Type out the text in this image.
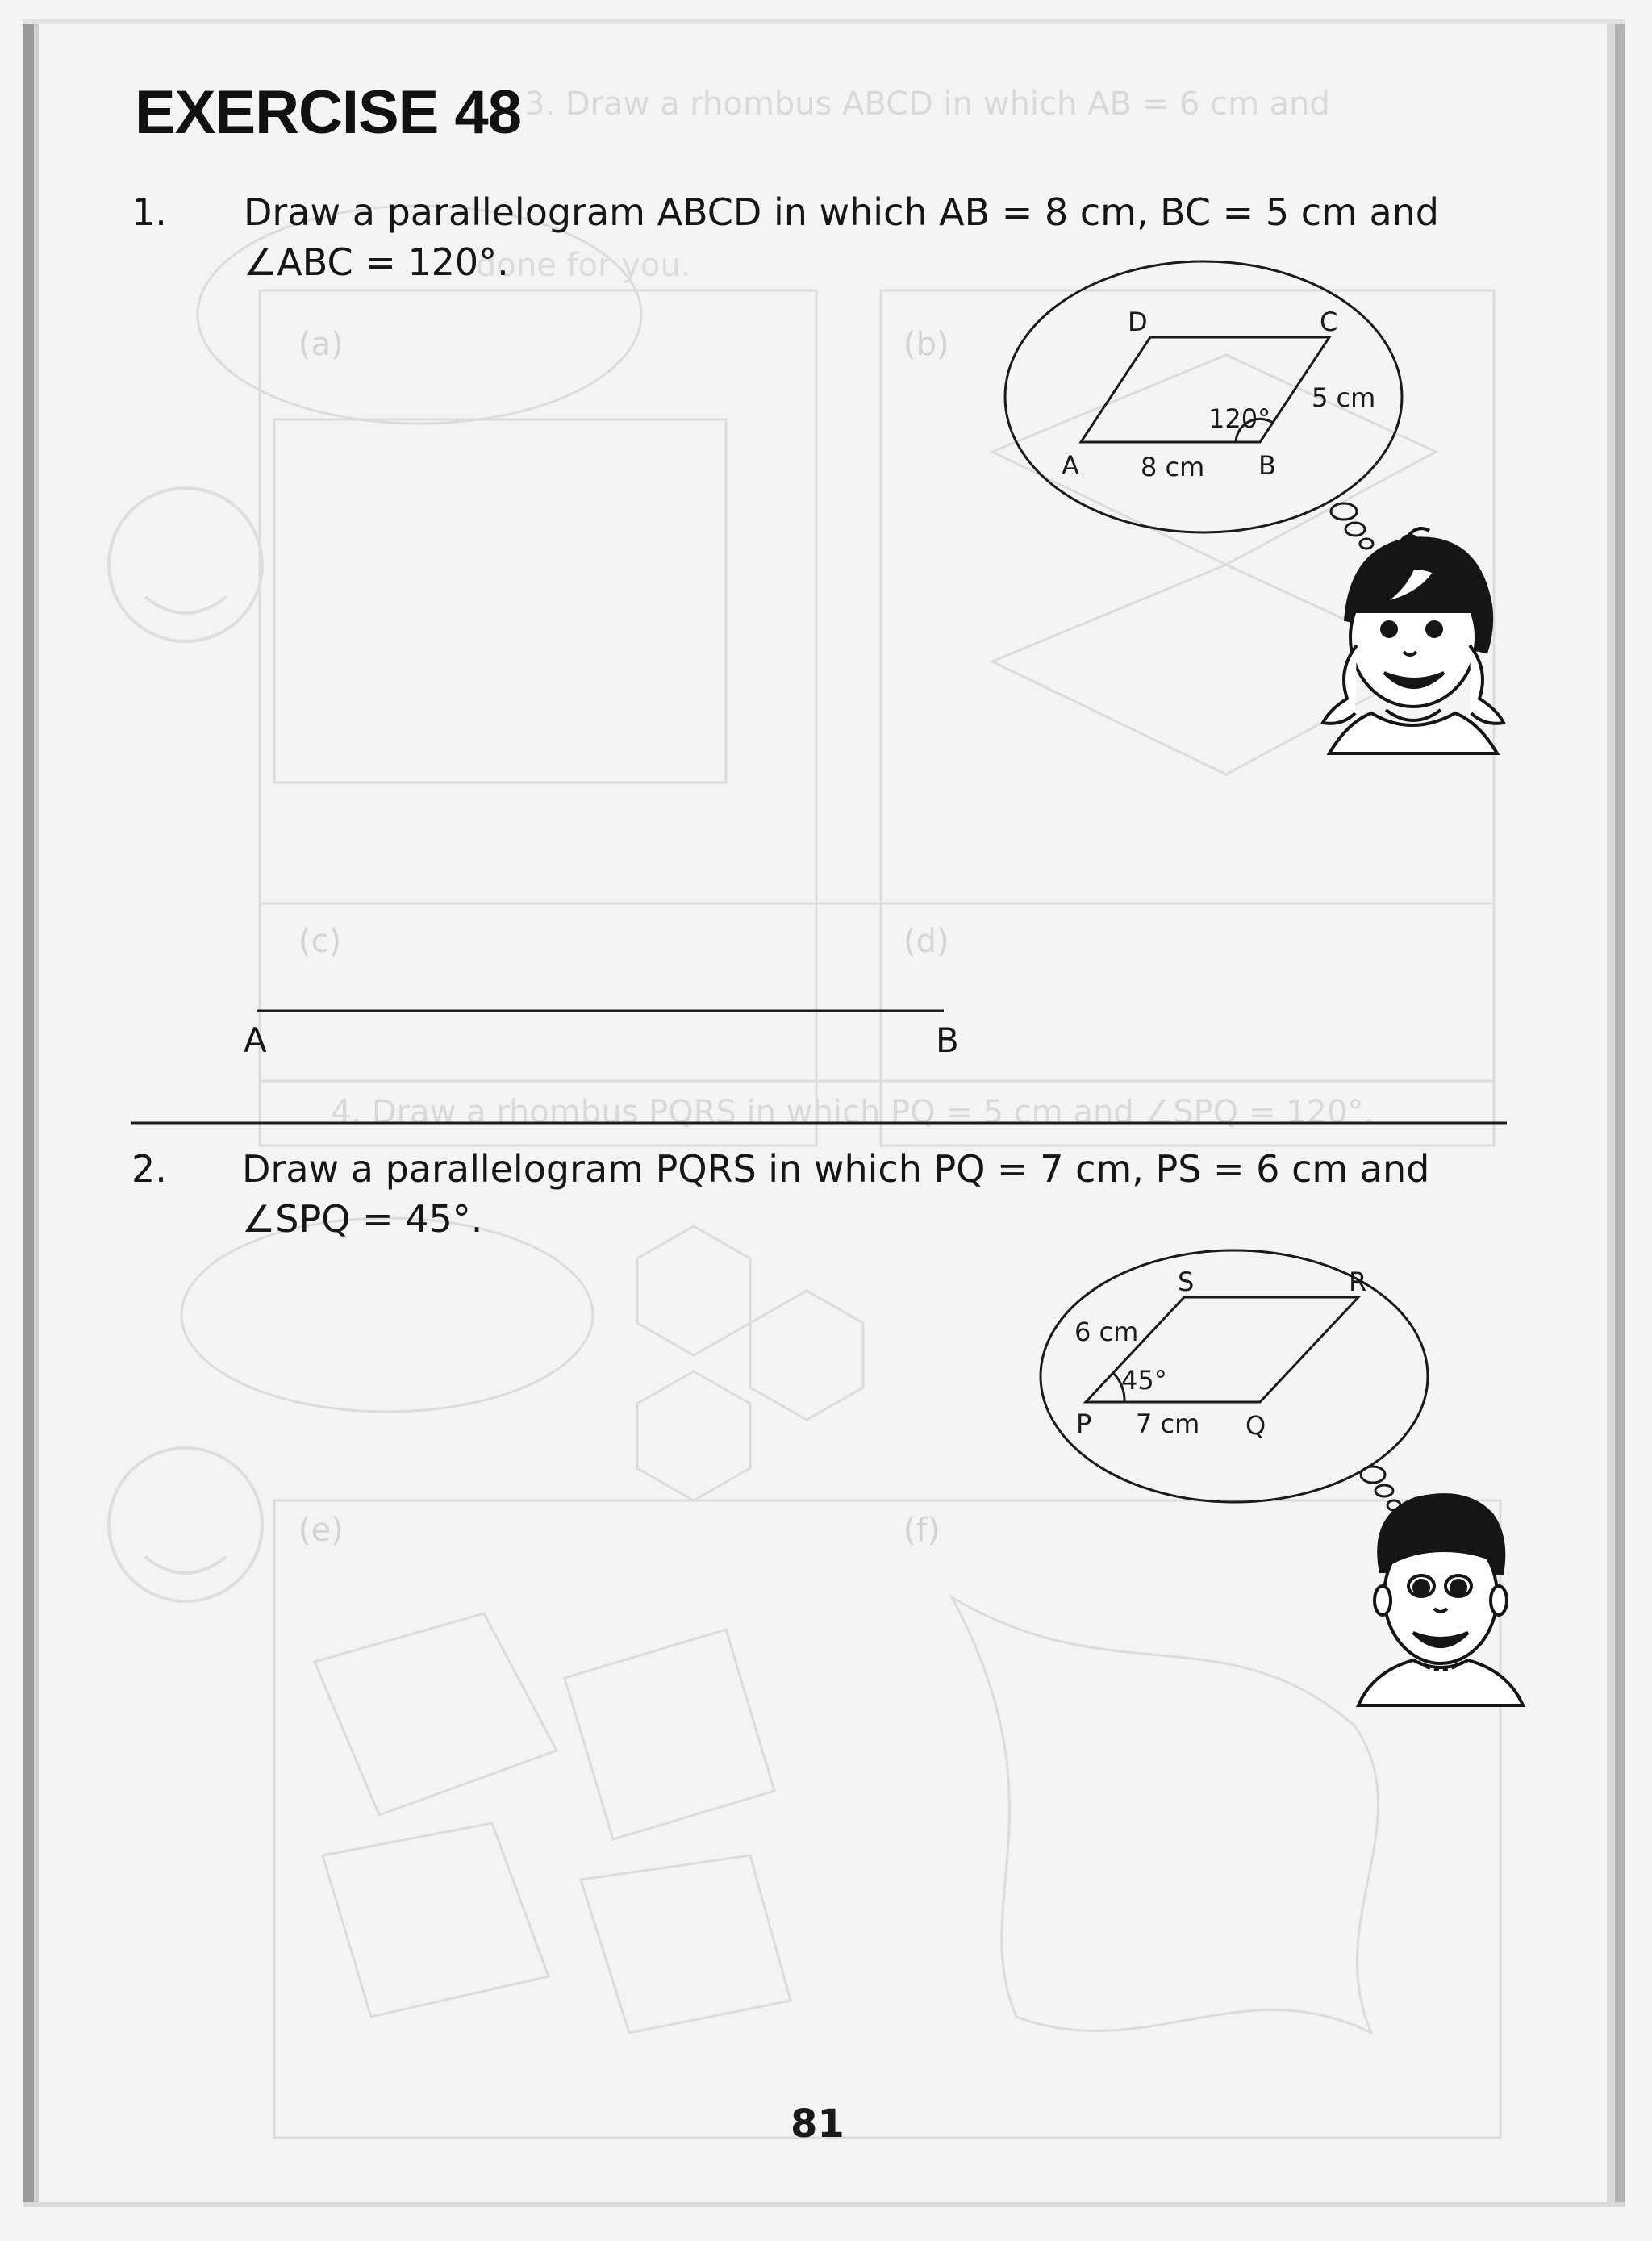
(a)	(b)
(c)	(d)
(e)	(f)
3. Draw a rhombus ABCD in which AB = 6 cm and
4. Draw a rhombus PQRS in which PQ = 5 cm and ∠SPQ = 120°.
done for you.
EXERCISE 48
1. Draw a parallelogram ABCD in which AB = 8 cm, BC = 5 cm and
∠ABC = 120°.
2. Draw a parallelogram PQRS in which PQ = 7 cm, PS = 6 cm and
∠SPQ = 45°.
A	B
A	B
C
D
8 cm
5 cm
120°
P	Q
R
S
7 cm
6 cm
45°
81
